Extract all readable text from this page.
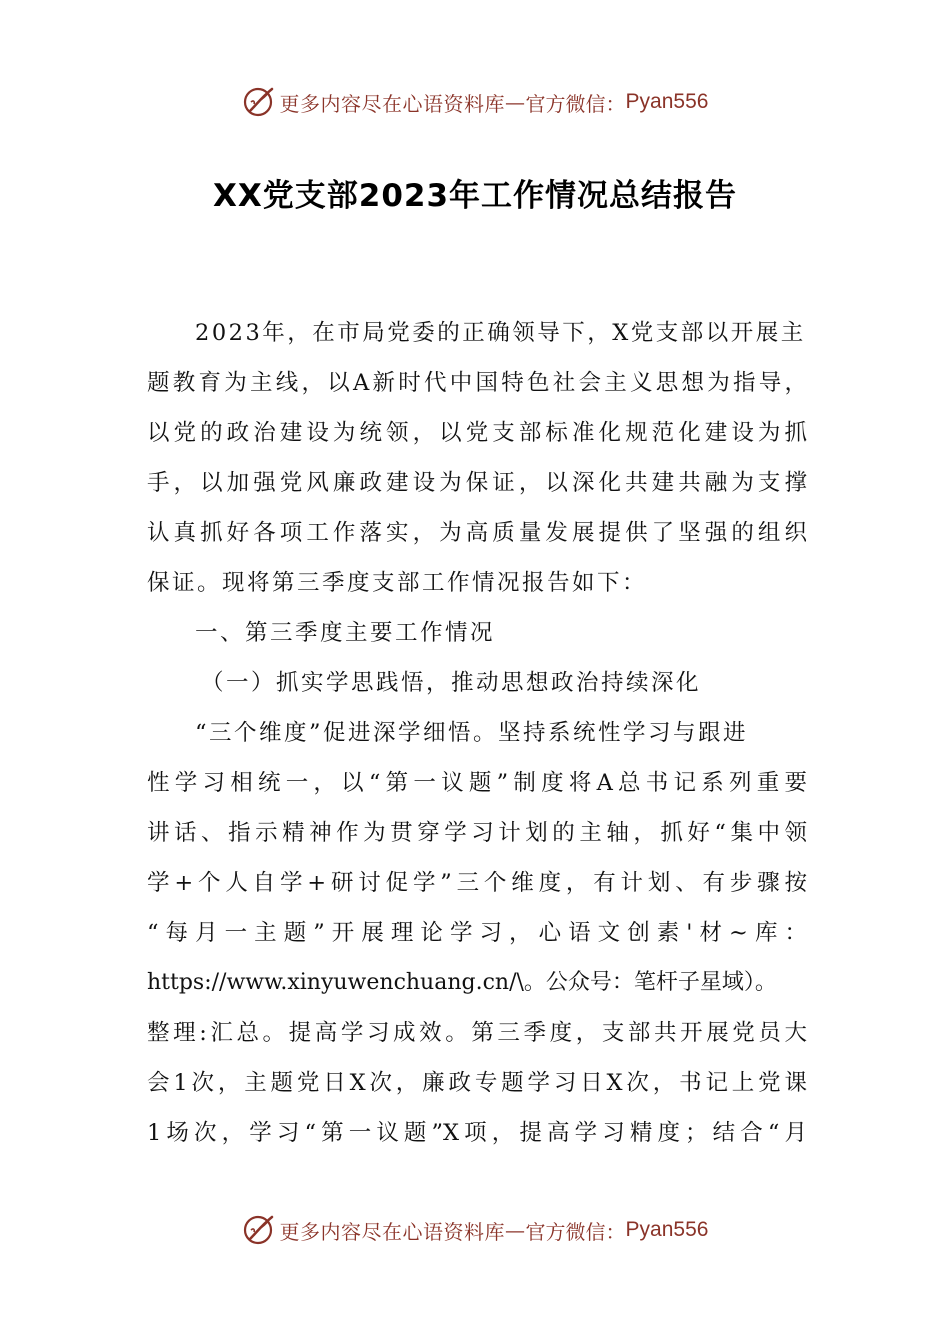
更多内容尽在心语资料库 — 官方微信： Pyan556
XX党支部2023年工作情况总结报告
2023年，在市局党委的正确领导下，X党支部以开展主
题教育为主线，以A新时代中国特色社会主义思想为指导，
以党的政治建设为统领，以党支部标准化规范化建设为抓
手，以加强党风廉政建设为保证，以深化共建共融为支撑
认真抓好各项工作落实，为高质量发展提供了坚强的组织
保证。现将第三季度支部工作情况报告如下：
一、第三季度主要工作情况
（一）抓实学思践悟，推动思想政治持续深化
“三个维度”促进深学细悟。坚持系统性学习与跟进
性学习相统一，以“第一议题”制度将A总书记系列重要
讲话、指示精神作为贯穿学习计划的主轴，抓好“集中领
学+个人自学+研讨促学”三个维度，有计划、有步骤按
“每月一主题”开展理论学习，心语文创素'材~库：
https://www.xinyuwenchuang.cn/\。公众号：笔杆子星域）。
整理:汇总。提高学习成效。第三季度，支部共开展党员大
会1次，主题党日X次，廉政专题学习日X次，书记上党课
1场次，学习“第一议题”X项，提高学习精度；结合“月
更多内容尽在心语资料库 — 官方微信： Pyan556
